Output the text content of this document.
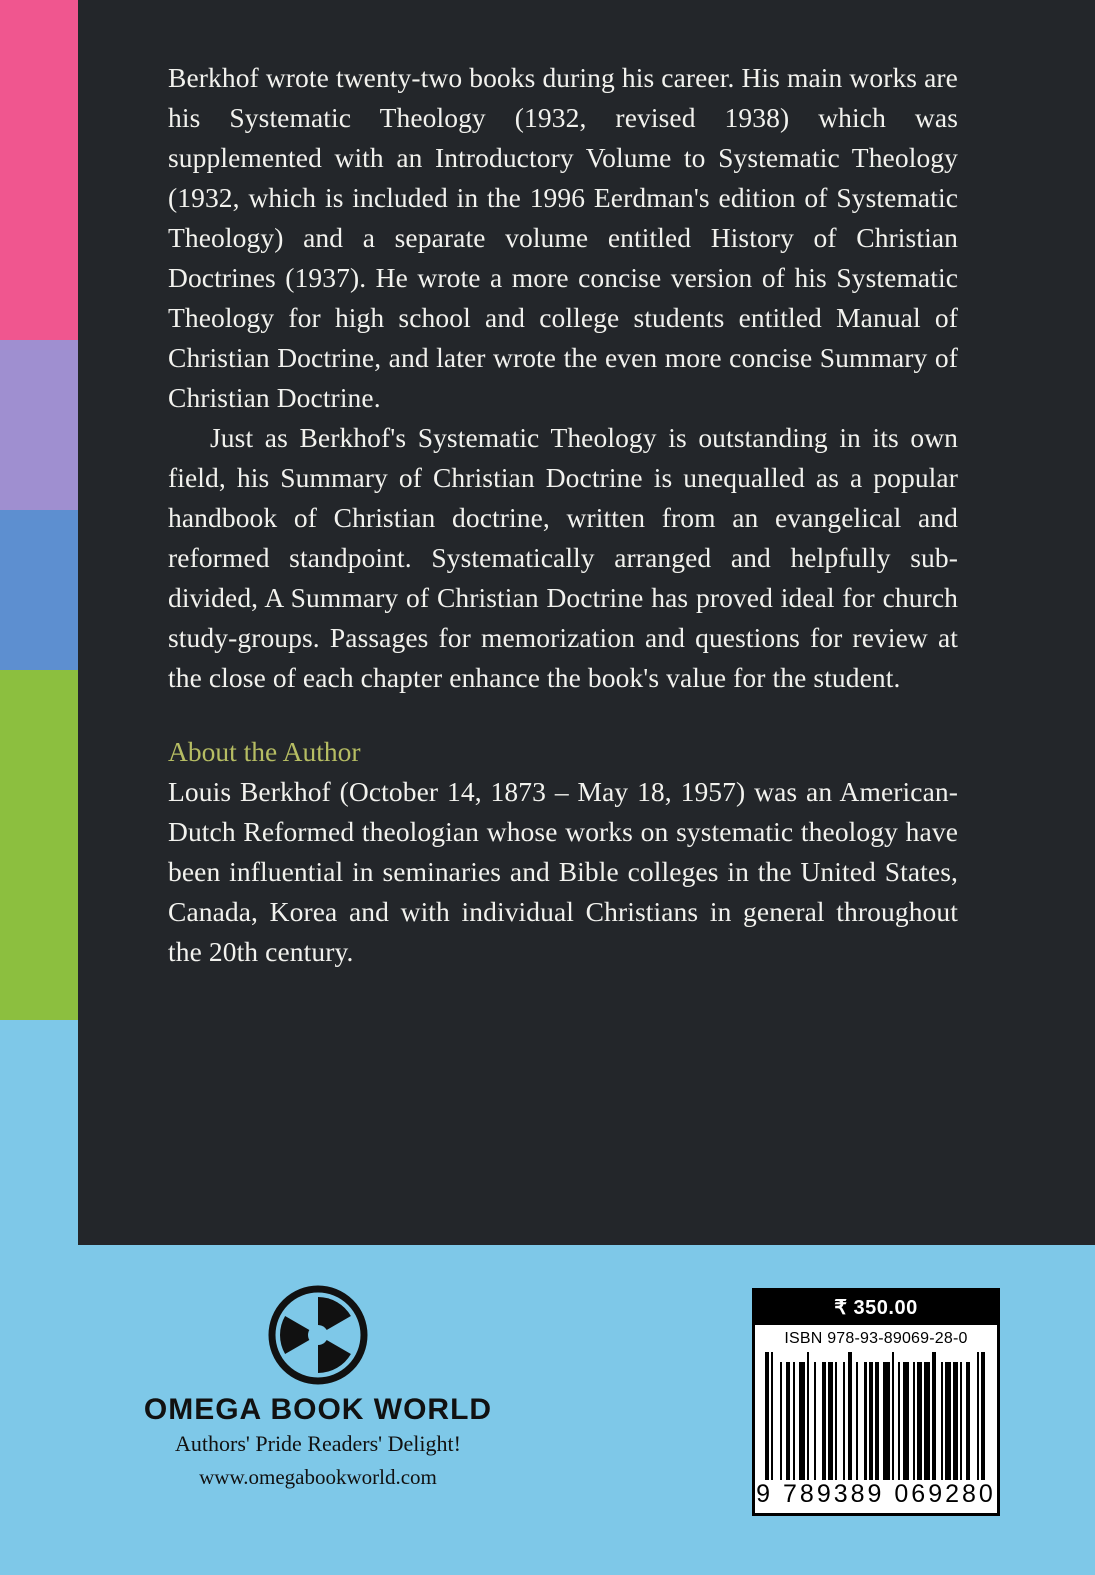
Berkhof wrote twenty-two books during his career. His main works are his Systematic Theology (1932, revised 1938) which was supplemented with an Introductory Volume to Systematic Theology (1932, which is included in the 1996 Eerdman's edition of Systematic Theology) and a separate volume entitled History of Christian Doctrines (1937). He wrote a more concise version of his Systematic Theology for high school and college students entitled Manual of Christian Doctrine, and later wrote the even more concise Summary of Christian Doctrine.

Just as Berkhof's Systematic Theology is outstanding in its own field, his Summary of Christian Doctrine is unequalled as a popular handbook of Christian doctrine, written from an evangelical and reformed standpoint. Systematically arranged and helpfully sub-divided, A Summary of Christian Doctrine has proved ideal for church study-groups. Passages for memorization and questions for review at the close of each chapter enhance the book's value for the student.

About the Author

Louis Berkhof (October 14, 1873 – May 18, 1957) was an American-Dutch Reformed theologian whose works on systematic theology have been influential in seminaries and Bible colleges in the United States, Canada, Korea and with individual Christians in general throughout the 20th century.

OMEGA BOOK WORLD

Authors' Pride Readers' Delight!

www.omegabookworld.com

₹ 350.00
ISBN 978-93-89069-28-0
9 789389 069280
